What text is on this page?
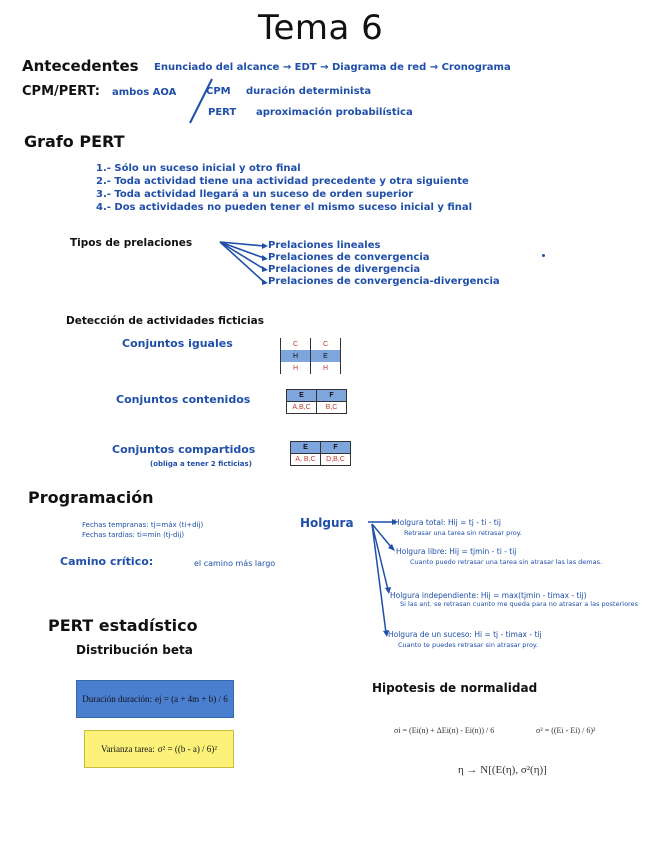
Tema 6
Antecedentes Enunciado del alcance → EDT → Diagrama de red → Cronograma
CPM/PERT: ambos AOA	CPM duración determinista
PERT aproximación probabilística
Grafo PERT
1.- Sólo un suceso inicial y otro final
2.- Toda actividad tiene una actividad precedente y otra siguiente
3.- Toda actividad llegará a un suceso de orden superior
4.- Dos actividades no pueden tener el mismo suceso inicial y final
Tipos de prelaciones	Prelaciones lineales
Prelaciones de convergencia
Prelaciones de divergencia
Prelaciones de convergencia-divergencia
Detección de actividades ficticias
Conjuntos iguales	C	C
H	E
H	H
Conjuntos contenidos	E	F
A,B,C	B,C
Conjuntos compartidos
(obliga a tener 2 ficticias)
E	F
A, B,C	D,B,C
Programación
Fechas tempranas: tj=máx (ti+dij)
Fechas tardías: ti=mín (tj-dij)
Camino crítico:	el camino más largo
Holgura	Holgura total: Hij = tj - ti - tij
Retrasar una tarea sin retrasar proy.
Holgura libre: Hij = tjmin - ti - tij
Cuanto puedo retrasar una tarea sin atrasar las las demas.
Holgura independiente: Hij = max(tjmin - timax - tij)
Si las ant. se retrasan cuanto me queda para no atrasar a las posteriores
Holgura de un suceso: Hi = tj - timax - tij
Cuanto te puedes retrasar sin atrasar proy.
PERT estadístico
Distribución beta
Duración duración: ej = (a + 4m + b) / 6
Varianza tarea: σ² = ((b - a) / 6)²
Hipotesis de normalidad
σi = (Ei(n) + ΔEi(n) - Ei(n)) / 6	σ² = ((Ei - Ei) / 6)²
η → N[(E(η), σ²(η)]
